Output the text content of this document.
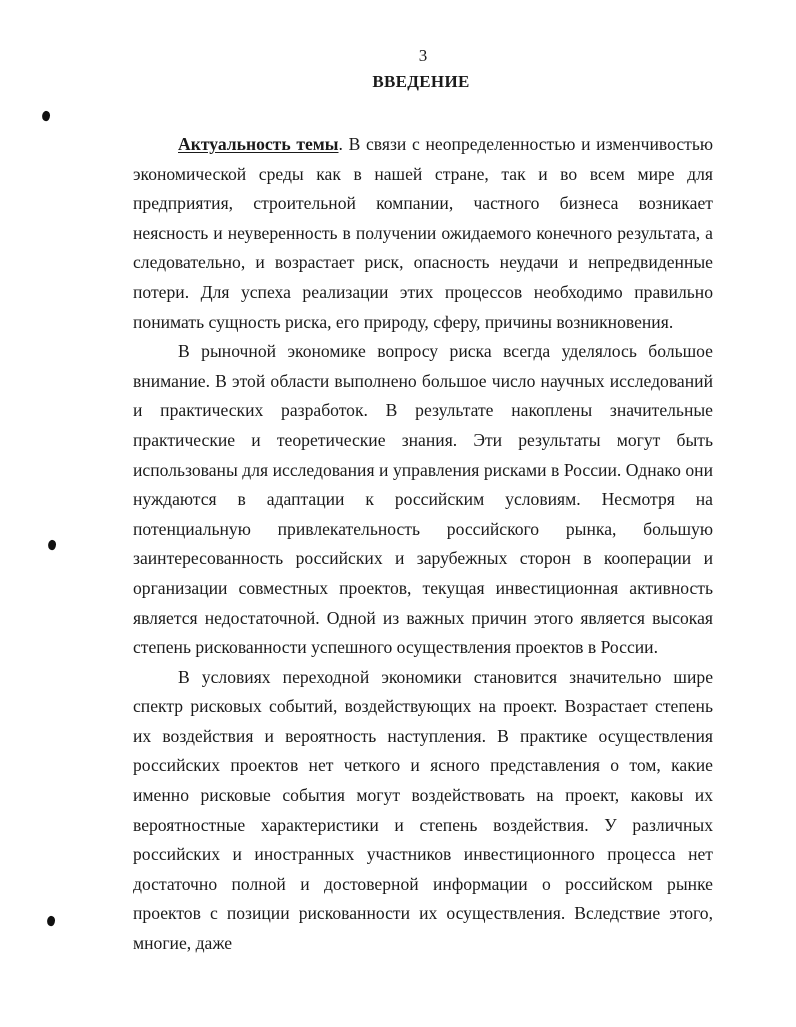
3
ВВЕДЕНИЕ

Актуальность темы. В связи с неопределенностью и изменчивостью экономической среды как в нашей стране, так и во всем мире для предприятия, строительной компании, частного бизнеса возникает неясность и неуверенность в получении ожидаемого конечного результата, а следовательно, и возрастает риск, опасность неудачи и непредвиденные потери. Для успеха реализации этих процессов необходимо правильно понимать сущность риска, его природу, сферу, причины возникновения.

В рыночной экономике вопросу риска всегда уделялось большое внимание. В этой области выполнено большое число научных исследований и практических разработок. В результате накоплены значительные практические и теоретические знания. Эти результаты могут быть использованы для исследования и управления рисками в России. Однако они нуждаются в адаптации к российским условиям. Несмотря на потенциальную привлекательность российского рынка, большую заинтересованность российских и зарубежных сторон в кооперации и организации совместных проектов, текущая инвестиционная активность является недостаточной. Одной из важных причин этого является высокая степень рискованности успешного осуществления проектов в России.

В условиях переходной экономики становится значительно шире спектр рисковых событий, воздействующих на проект. Возрастает степень их воздействия и вероятность наступления. В практике осуществления российских проектов нет четкого и ясного представления о том, какие именно рисковые события могут воздействовать на проект, каковы их вероятностные характеристики и степень воздействия. У различных российских и иностранных участников инвестиционного процесса нет достаточно полной и достоверной информации о российском рынке проектов с позиции рискованности их осуществления. Вследствие этого, многие, даже
